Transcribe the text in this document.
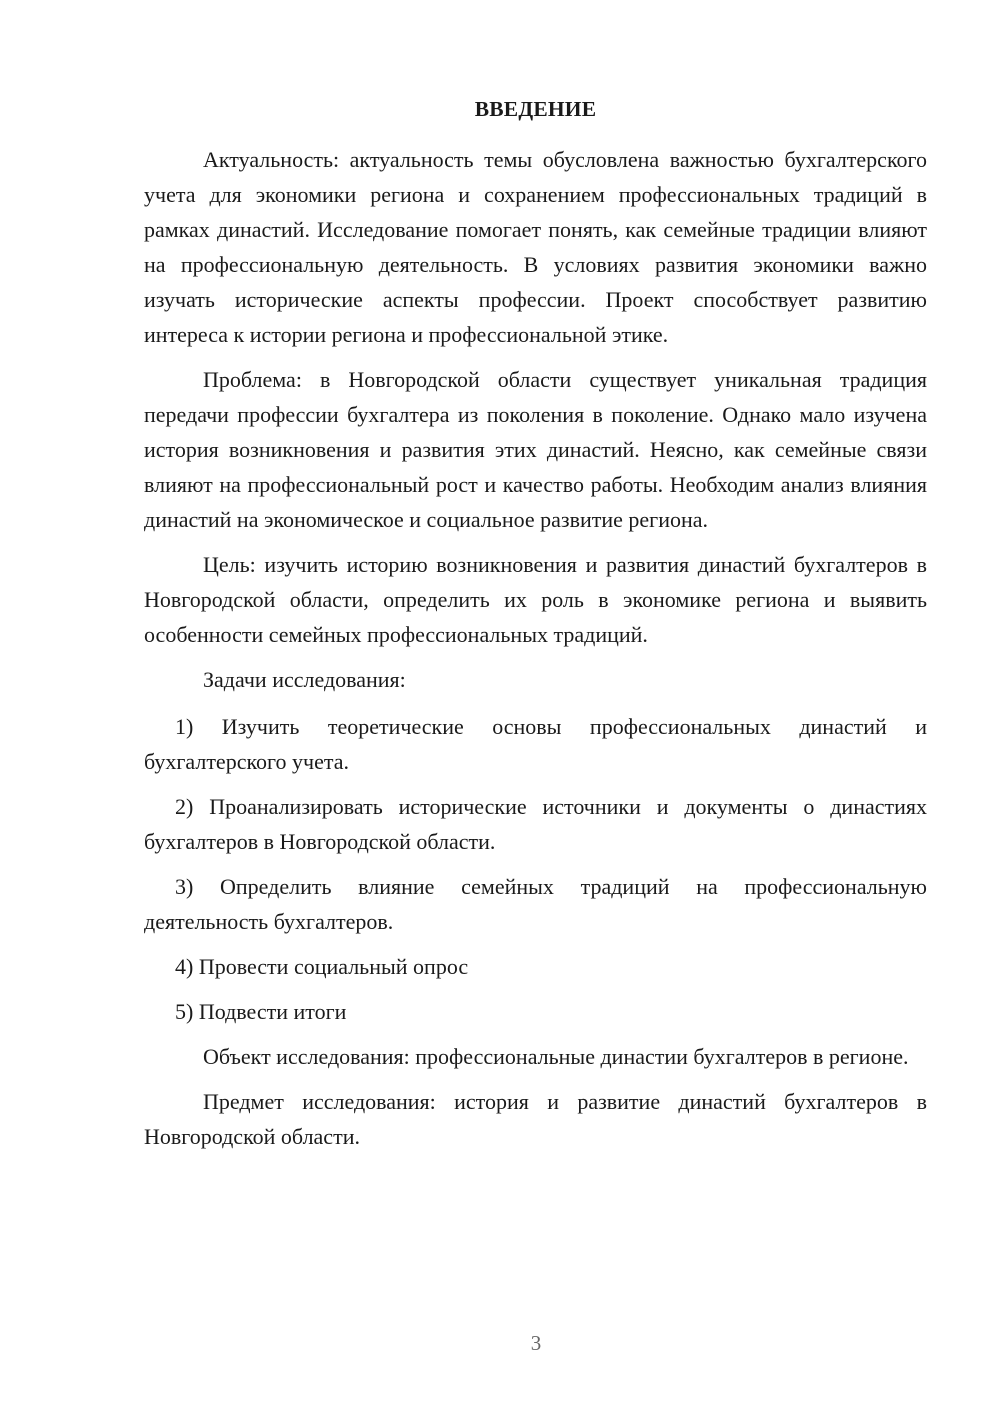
ВВЕДЕНИЕ

Актуальность: актуальность темы обусловлена важностью бухгалтерского учета для экономики региона и сохранением профессиональных традиций в рамках династий. Исследование помогает понять, как семейные традиции влияют на профессиональную деятельность. В условиях развития экономики важно изучать исторические аспекты профессии. Проект способствует развитию интереса к истории региона и профессиональной этике.

Проблема: в Новгородской области существует уникальная традиция передачи профессии бухгалтера из поколения в поколение. Однако мало изучена история возникновения и развития этих династий. Неясно, как семейные связи влияют на профессиональный рост и качество работы. Необходим анализ влияния династий на экономическое и социальное развитие региона.

Цель: изучить историю возникновения и развития династий бухгалтеров в Новгородской области, определить их роль в экономике региона и выявить особенности семейных профессиональных традиций.

Задачи исследования:

1) Изучить теоретические основы профессиональных династий и бухгалтерского учета.

2) Проанализировать исторические источники и документы о династиях бухгалтеров в Новгородской области.

3) Определить влияние семейных традиций на профессиональную деятельность бухгалтеров.

4) Провести социальный опрос

5) Подвести итоги

Объект исследования: профессиональные династии бухгалтеров в регионе.

Предмет исследования: история и развитие династий бухгалтеров в Новгородской области.

3
